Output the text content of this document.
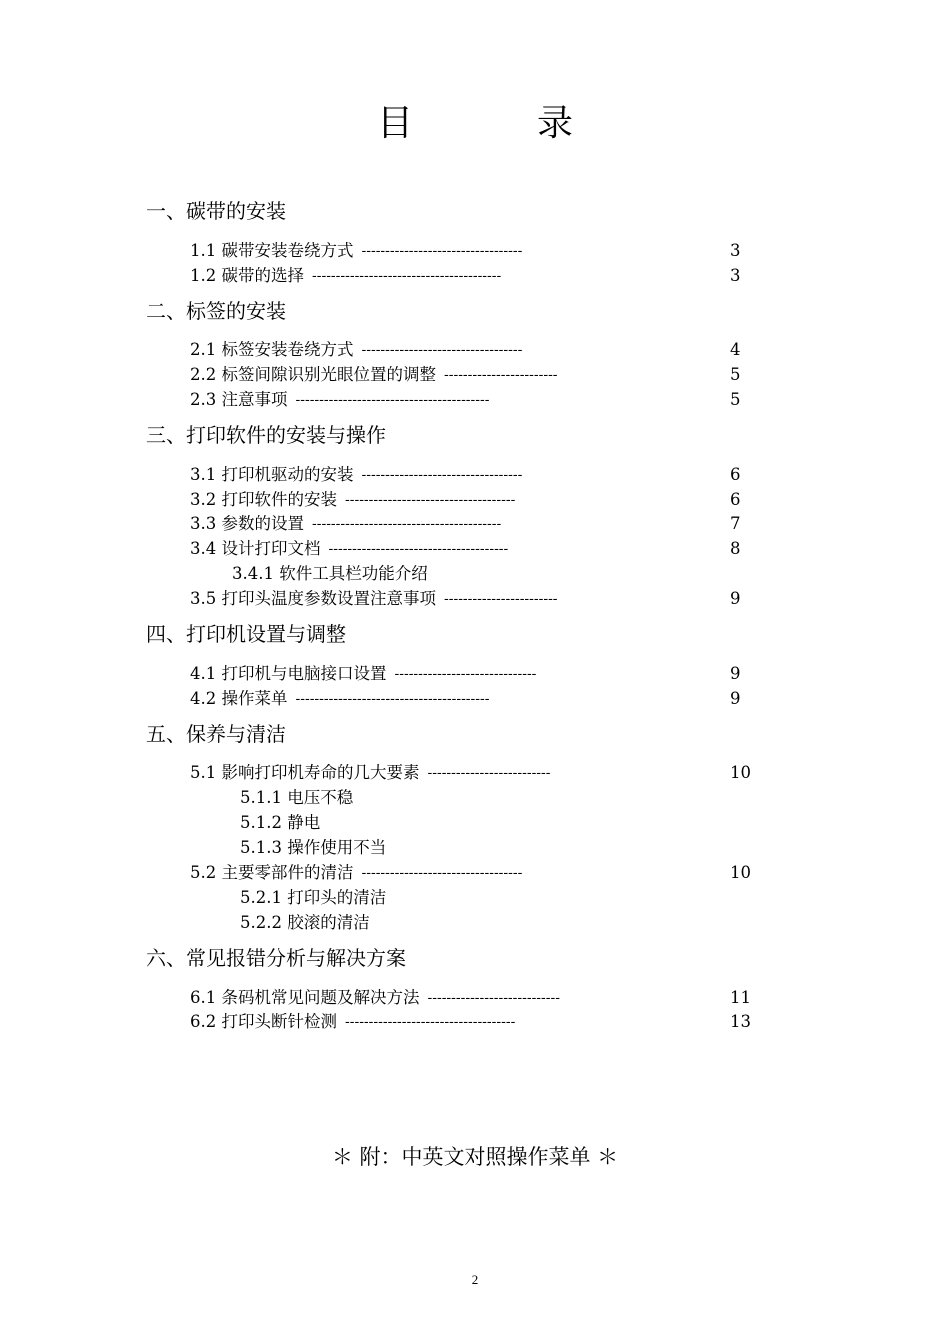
目　录
一、碳带的安装
1.1 碳带安装卷绕方式 ----------------------------------	3
1.2 碳带的选择 ----------------------------------------	3
二、标签的安装
2.1 标签安装卷绕方式 ----------------------------------	4
2.2 标签间隙识别光眼位置的调整 ------------------------	5
2.3 注意事项 -----------------------------------------	5
三、打印软件的安装与操作
3.1 打印机驱动的安装 ----------------------------------	6
3.2 打印软件的安装 ------------------------------------	6
3.3 参数的设置 ----------------------------------------	7
3.4 设计打印文档 --------------------------------------	8
3.4.1 软件工具栏功能介绍
3.5 打印头温度参数设置注意事项 ------------------------	9
四、打印机设置与调整
4.1 打印机与电脑接口设置 ------------------------------	9
4.2 操作菜单 -----------------------------------------	9
五、保养与清洁
5.1 影响打印机寿命的几大要素 --------------------------	10
5.1.1 电压不稳
5.1.2 静电
5.1.3 操作使用不当
5.2 主要零部件的清洁 ----------------------------------	10
5.2.1 打印头的清洁
5.2.2 胶滚的清洁
六、常见报错分析与解决方案
6.1 条码机常见问题及解决方法 ----------------------------	11
6.2 打印头断针检测 ------------------------------------	13
＊ 附：中英文对照操作菜单 ＊
2
